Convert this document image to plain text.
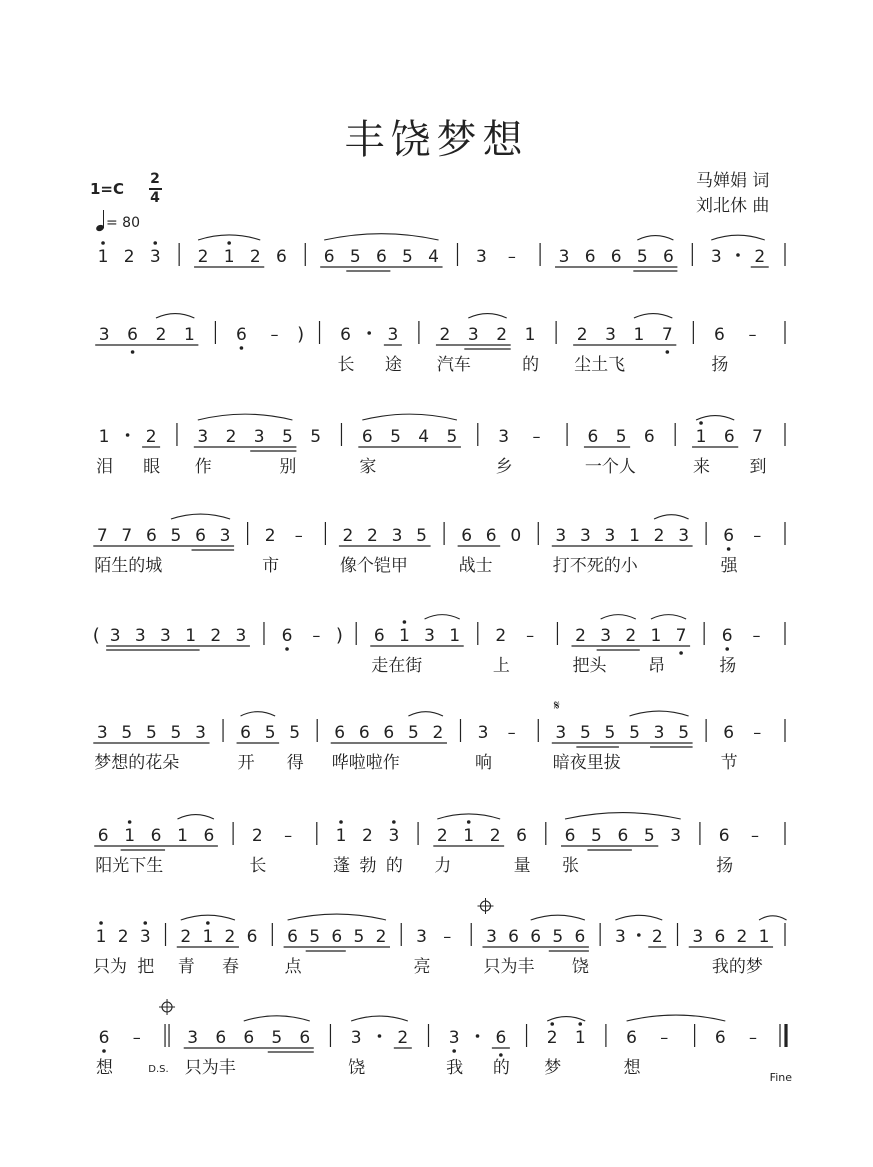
丰饶梦想
马婵娟 词
刘北休 曲
1=C
2
4
= 80
1 2 3 2 1 2 6 6 5 6 5 4 3 –	3 6 6 5 6 3 2
3 6 2 1 6 – ) 6 3 2 3 2 1 2 3 1 7 6 –
长 途 汽车	的 尘土飞	扬
1 2 3 2 3 5 5 6 5 4 5 3 –	6 5 6 1 6 7
泪 眼 作	别	家	乡	一个人	来 到
7 7 6 5 6 3 2 – 2 2 3 5 6 6 0 3 3 3 1 2 3 6 –
陌生的城	市	像个铠甲	战士	打不死的小	强
( 3 3 3 1 2 3 6 – ) 6 1 3 1 2 – 2 3 2 1 7 6 –
走在街	上	把头 昂	扬
3 5 5 5 3 6 5 5 6 6 6 5 2 3 – 3
𝄋
5 5 5 3 5 6 –
梦想的花朵	开 得 哗啦啦作	响	暗夜里拔	节
6 1 6 1 6 2 –	1 2 3 2 1 2 6 6 5 6 5 3 6 –
阳光下生	长	蓬 勃 的 力	量 张	扬
1 2 3 2 1 2 6 6 5 6 5 2 3 – 3 6 6 5 6 3 2 3 6 2 1
只为 把 青 春	点	亮	只为丰 饶	我的梦
6 –	3 6 6 5 6 3 2 3 6 2 1 6 –	6 –
想	只为丰	饶	我 的 梦	想
D.S.
Fine
